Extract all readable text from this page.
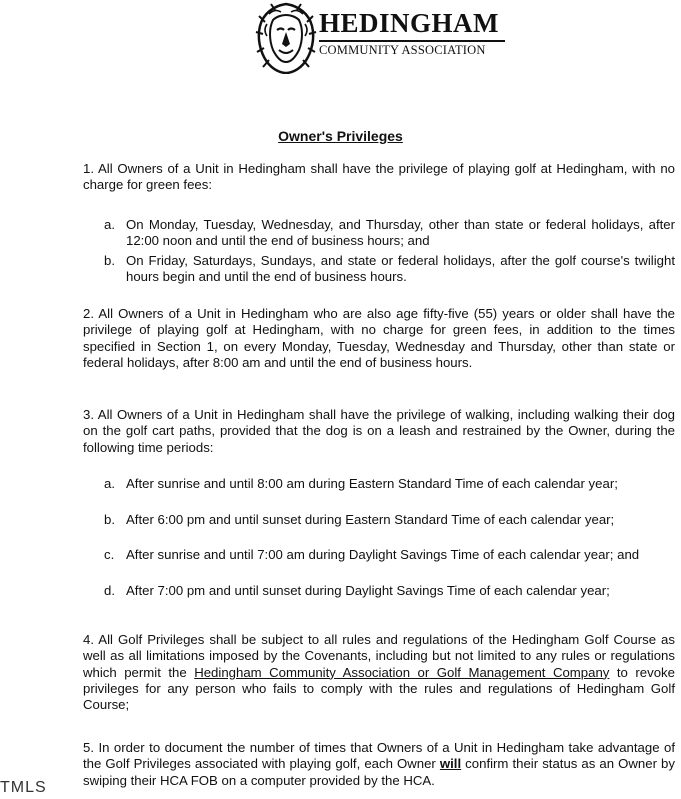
HEDINGHAM
COMMUNITY ASSOCIATION
Owner's Privileges

1. All Owners of a Unit in Hedingham shall have the privilege of playing golf at Hedingham, with no charge for green fees:

a. On Monday, Tuesday, Wednesday, and Thursday, other than state or federal holidays, after 12:00 noon and until the end of business hours; and
b. On Friday, Saturdays, Sundays, and state or federal holidays, after the golf course's twilight hours begin and until the end of business hours.

2. All Owners of a Unit in Hedingham who are also age fifty-five (55) years or older shall have the privilege of playing golf at Hedingham, with no charge for green fees, in addition to the times specified in Section 1, on every Monday, Tuesday, Wednesday and Thursday, other than state or federal holidays, after 8:00 am and until the end of business hours.

3. All Owners of a Unit in Hedingham shall have the privilege of walking, including walking their dog on the golf cart paths, provided that the dog is on a leash and restrained by the Owner, during the following time periods:

a. After sunrise and until 8:00 am during Eastern Standard Time of each calendar year;
b. After 6:00 pm and until sunset during Eastern Standard Time of each calendar year;
c. After sunrise and until 7:00 am during Daylight Savings Time of each calendar year; and
d. After 7:00 pm and until sunset during Daylight Savings Time of each calendar year;

4. All Golf Privileges shall be subject to all rules and regulations of the Hedingham Golf Course as well as all limitations imposed by the Covenants, including but not limited to any rules or regulations which permit the Hedingham Community Association or Golf Management Company to revoke privileges for any person who fails to comply with the rules and regulations of Hedingham Golf Course;

5. In order to document the number of times that Owners of a Unit in Hedingham take advantage of the Golf Privileges associated with playing golf, each Owner will confirm their status as an Owner by swiping their HCA FOB on a computer provided by the HCA.

TMLS
